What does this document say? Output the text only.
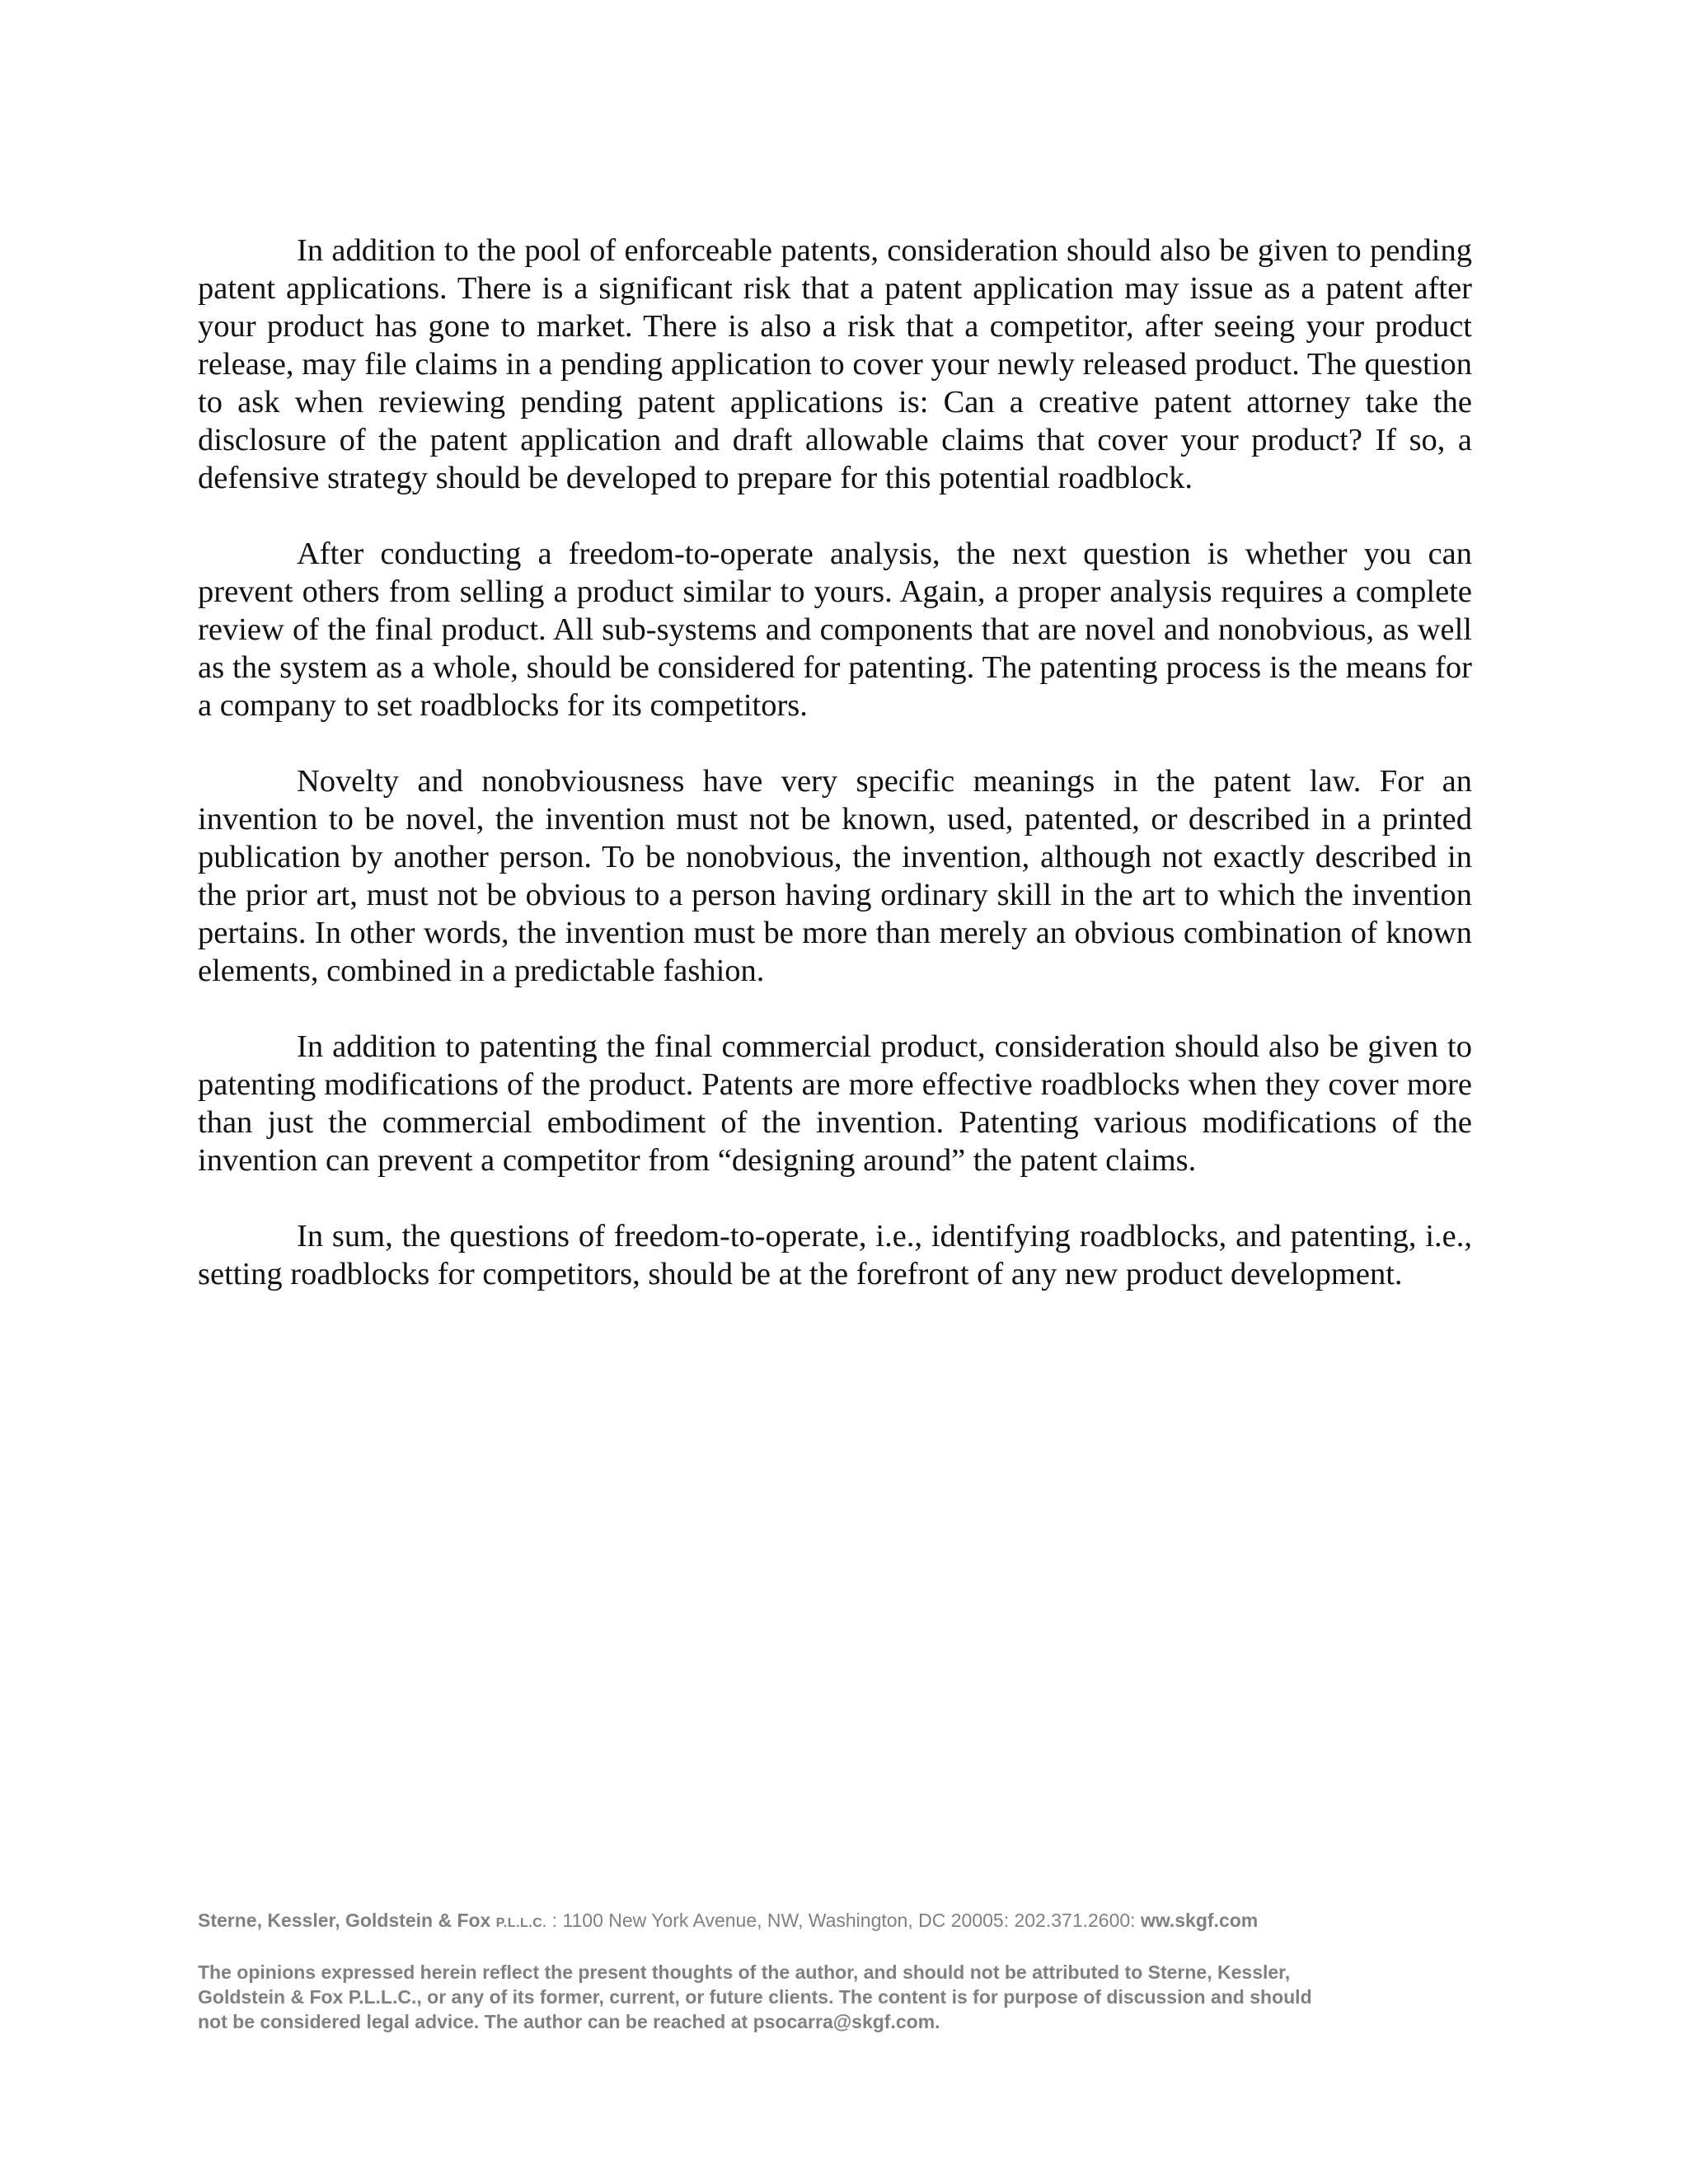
In addition to the pool of enforceable patents, consideration should also be given to pending patent applications. There is a significant risk that a patent application may issue as a patent after your product has gone to market. There is also a risk that a competitor, after seeing your product release, may file claims in a pending application to cover your newly released product. The question to ask when reviewing pending patent applications is: Can a creative patent attorney take the disclosure of the patent application and draft allowable claims that cover your product? If so, a defensive strategy should be developed to prepare for this potential roadblock.

After conducting a freedom-to-operate analysis, the next question is whether you can prevent others from selling a product similar to yours. Again, a proper analysis requires a complete review of the final product. All sub-systems and components that are novel and nonobvious, as well as the system as a whole, should be considered for patenting. The patenting process is the means for a company to set roadblocks for its competitors.

Novelty and nonobviousness have very specific meanings in the patent law. For an invention to be novel, the invention must not be known, used, patented, or described in a printed publication by another person. To be nonobvious, the invention, although not exactly described in the prior art, must not be obvious to a person having ordinary skill in the art to which the invention pertains. In other words, the invention must be more than merely an obvious combination of known elements, combined in a predictable fashion.

In addition to patenting the final commercial product, consideration should also be given to patenting modifications of the product. Patents are more effective roadblocks when they cover more than just the commercial embodiment of the invention. Patenting various modifications of the invention can prevent a competitor from “designing around” the patent claims.

In sum, the questions of freedom-to-operate, i.e., identifying roadblocks, and patenting, i.e., setting roadblocks for competitors, should be at the forefront of any new product development.

Sterne, Kessler, Goldstein & Fox P.L.L.C. : 1100 New York Avenue, NW, Washington, DC 20005: 202.371.2600: ww.skgf.com
The opinions expressed herein reflect the present thoughts of the author, and should not be attributed to Sterne, Kessler, Goldstein & Fox P.L.L.C., or any of its former, current, or future clients. The content is for purpose of discussion and should not be considered legal advice. The author can be reached at psocarra@skgf.com.
